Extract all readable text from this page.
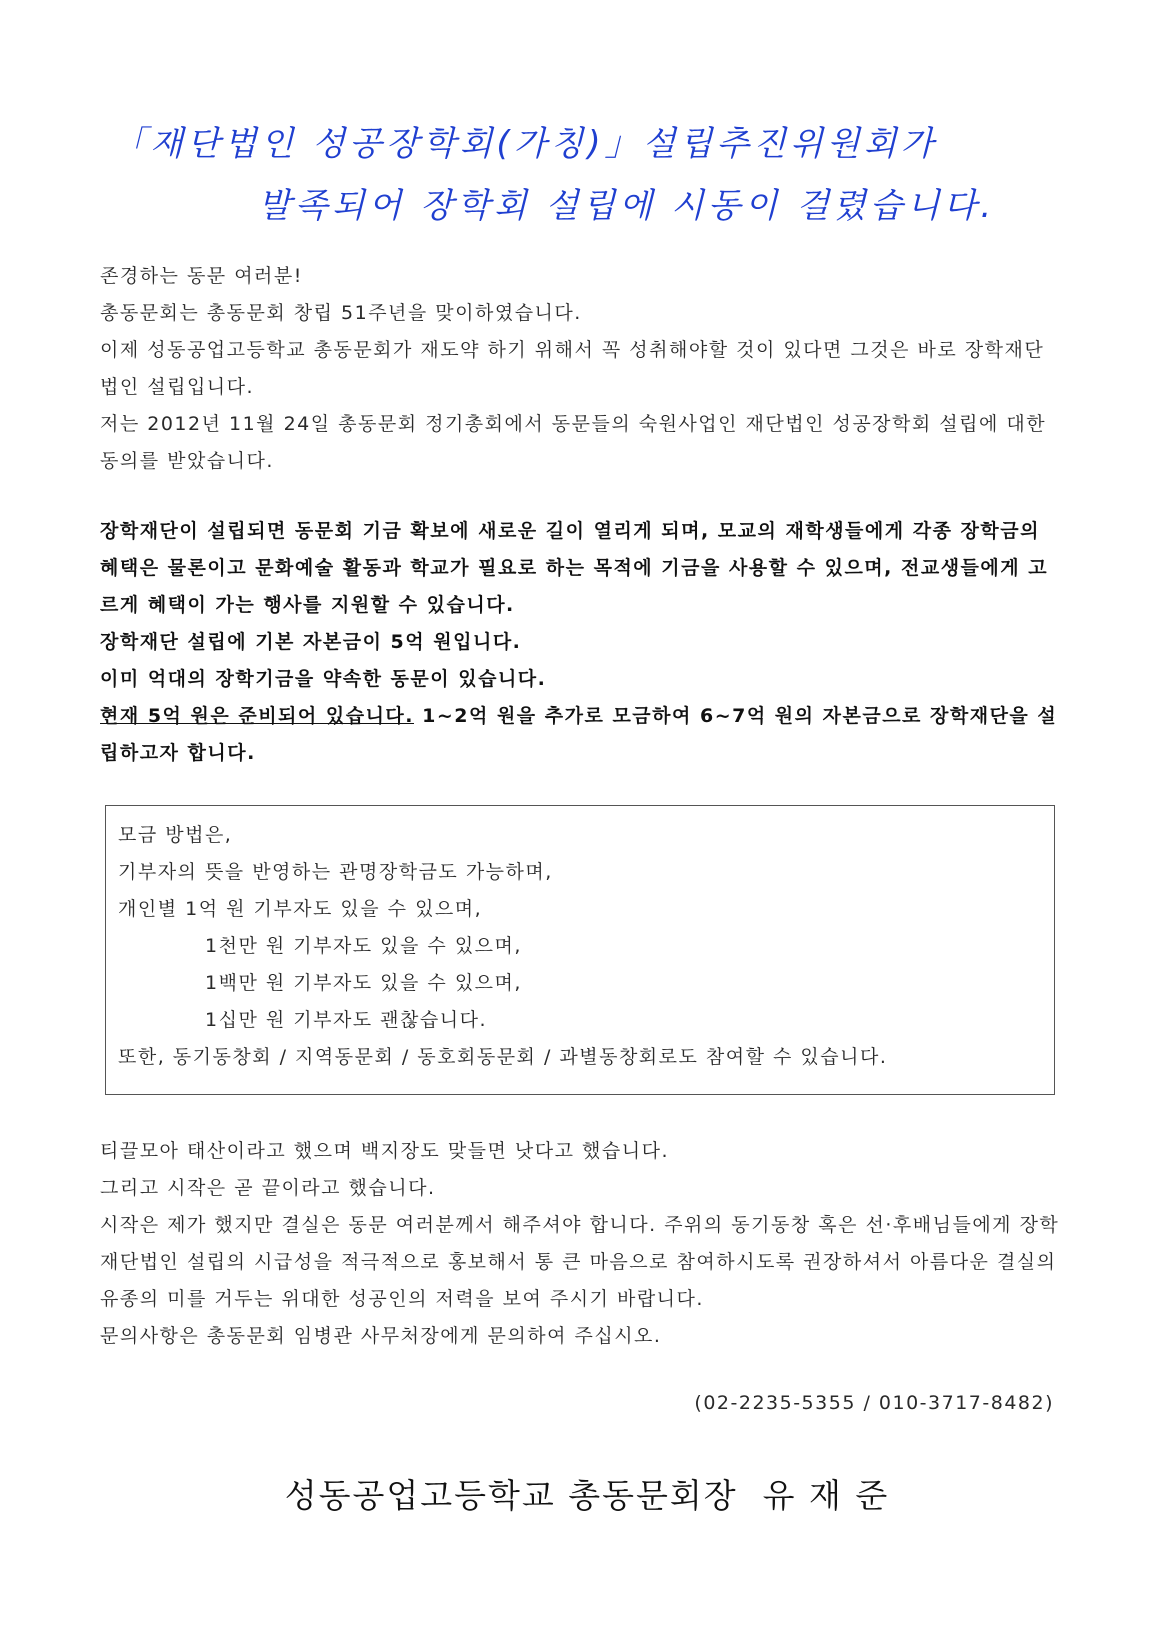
「재단법인 성공장학회(가칭)」설립추진위원회가
발족되어 장학회 설립에 시동이 걸렸습니다.

존경하는 동문 여러분!

총동문회는 총동문회 창립 51주년을 맞이하였습니다.

이제 성동공업고등학교 총동문회가 재도약 하기 위해서 꼭 성취해야할 것이 있다면 그것은 바로 장학재단법인 설립입니다.

저는 2012년 11월 24일 총동문회 정기총회에서 동문들의 숙원사업인 재단법인 성공장학회 설립에 대한 동의를 받았습니다.

장학재단이 설립되면 동문회 기금 확보에 새로운 길이 열리게 되며, 모교의 재학생들에게 각종 장학금의 혜택은 물론이고 문화예술 활동과 학교가 필요로 하는 목적에 기금을 사용할 수 있으며, 전교생들에게 고르게 혜택이 가는 행사를 지원할 수 있습니다.

장학재단 설립에 기본 자본금이 5억 원입니다.

이미 억대의 장학기금을 약속한 동문이 있습니다.

현재 5억 원은 준비되어 있습니다. 1~2억 원을 추가로 모금하여 6~7억 원의 자본금으로 장학재단을 설립하고자 합니다.

모금 방법은,

기부자의 뜻을 반영하는 관명장학금도 가능하며,

개인별 1억 원 기부자도 있을 수 있으며,

1천만 원 기부자도 있을 수 있으며,

1백만 원 기부자도 있을 수 있으며,

1십만 원 기부자도 괜찮습니다.

또한, 동기동창회 / 지역동문회 / 동호회동문회 / 과별동창회로도 참여할 수 있습니다.

티끌모아 태산이라고 했으며 백지장도 맞들면 낫다고 했습니다.

그리고 시작은 곧 끝이라고 했습니다.

시작은 제가 했지만 결실은 동문 여러분께서 해주셔야 합니다. 주위의 동기동창 혹은 선·후배님들에게 장학재단법인 설립의 시급성을 적극적으로 홍보해서 통 큰 마음으로 참여하시도록 권장하셔서 아름다운 결실의 유종의 미를 거두는 위대한 성공인의 저력을 보여 주시기 바랍니다.

문의사항은 총동문회 임병관 사무처장에게 문의하여 주십시오.

(02-2235-5355 / 010-3717-8482)
성동공업고등학교 총동문회장  유 재 준
